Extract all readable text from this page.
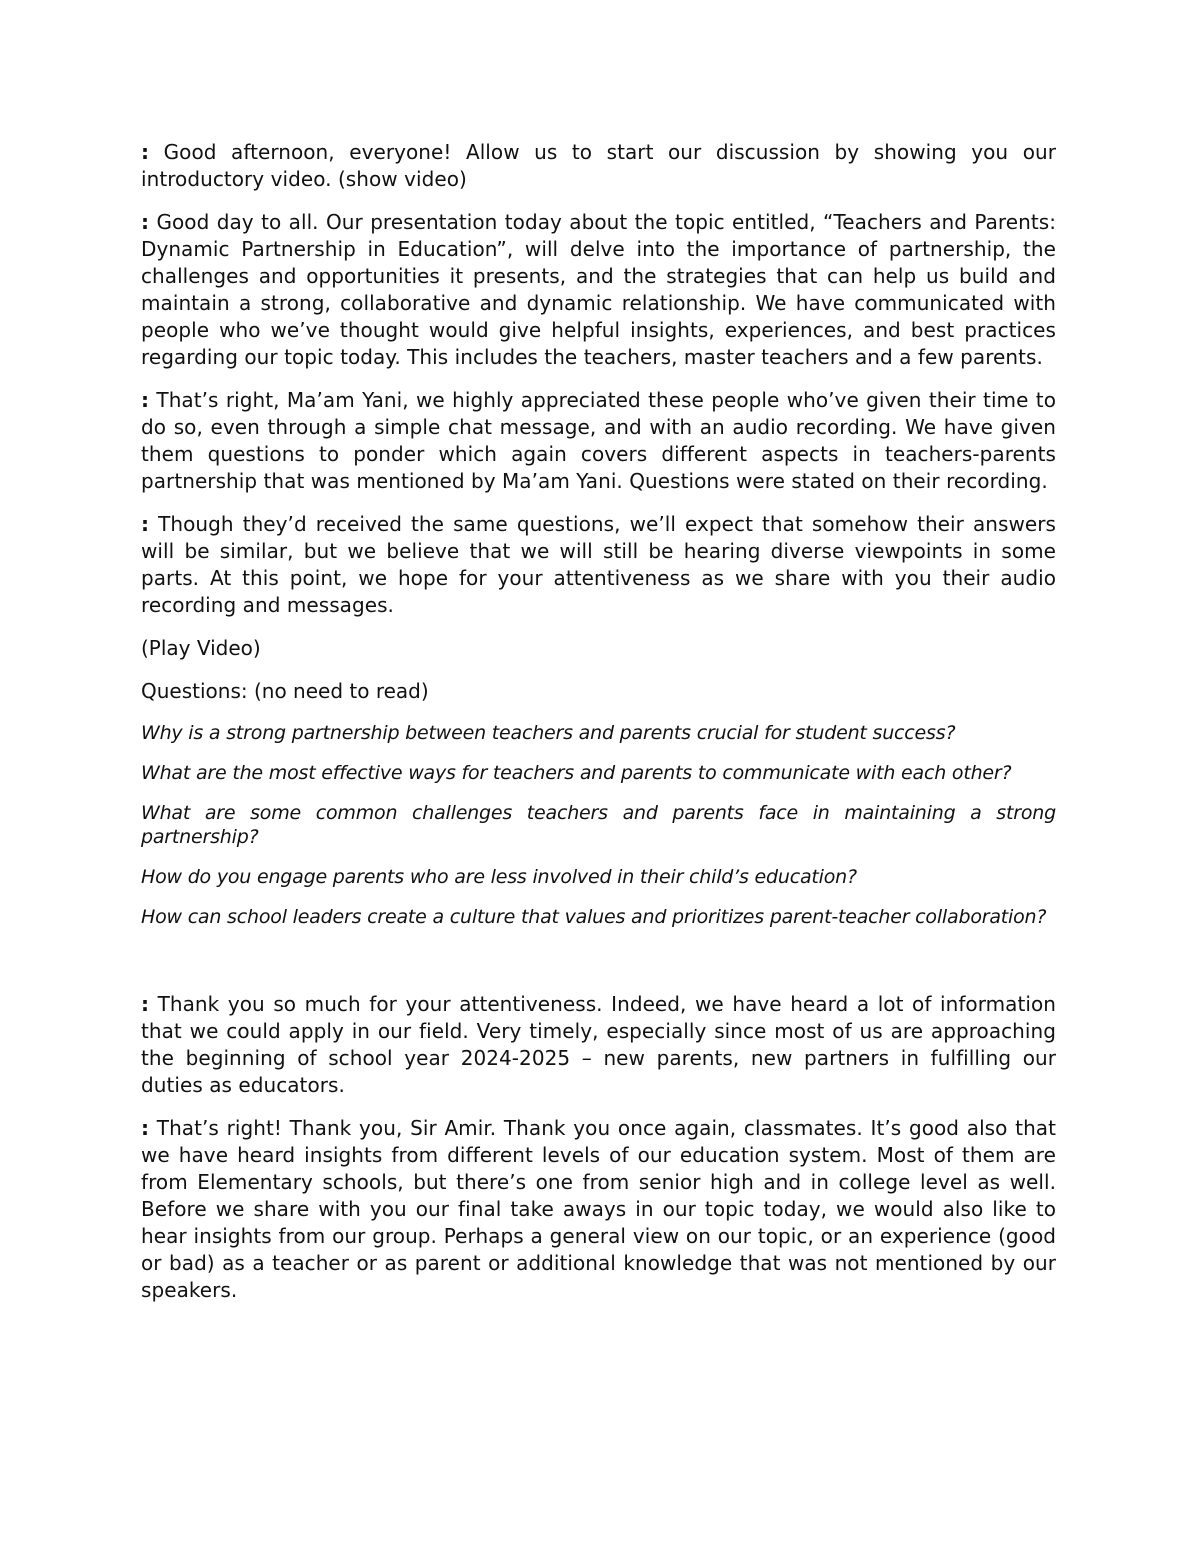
: Good afternoon, everyone! Allow us to start our discussion by showing you our introductory video. (show video)

: Good day to all. Our presentation today about the topic entitled, “Teachers and Parents: Dynamic Partnership in Education”, will delve into the importance of partnership, the challenges and opportunities it presents, and the strategies that can help us build and maintain a strong, collaborative and dynamic relationship. We have communicated with people who we’ve thought would give helpful insights, experiences, and best practices regarding our topic today. This includes the teachers, master teachers and a few parents.

: That’s right, Ma’am Yani, we highly appreciated these people who’ve given their time to do so, even through a simple chat message, and with an audio recording. We have given them questions to ponder which again covers different aspects in teachers-parents partnership that was mentioned by Ma’am Yani. Questions were stated on their recording.

: Though they’d received the same questions, we’ll expect that somehow their answers will be similar, but we believe that we will still be hearing diverse viewpoints in some parts. At this point, we hope for your attentiveness as we share with you their audio recording and messages.

(Play Video)

Questions: (no need to read)

Why is a strong partnership between teachers and parents crucial for student success?
What are the most effective ways for teachers and parents to communicate with each other?
What are some common challenges teachers and parents face in maintaining a strong partnership?
How do you engage parents who are less involved in their child’s education?
How can school leaders create a culture that values and prioritizes parent-teacher collaboration?

: Thank you so much for your attentiveness. Indeed, we have heard a lot of information that we could apply in our field. Very timely, especially since most of us are approaching the beginning of school year 2024-2025 – new parents, new partners in fulfilling our duties as educators.

: That’s right! Thank you, Sir Amir. Thank you once again, classmates. It’s good also that we have heard insights from different levels of our education system. Most of them are from Elementary schools, but there’s one from senior high and in college level as well. Before we share with you our final take aways in our topic today, we would also like to hear insights from our group. Perhaps a general view on our topic, or an experience (good or bad) as a teacher or as parent or additional knowledge that was not mentioned by our speakers.
